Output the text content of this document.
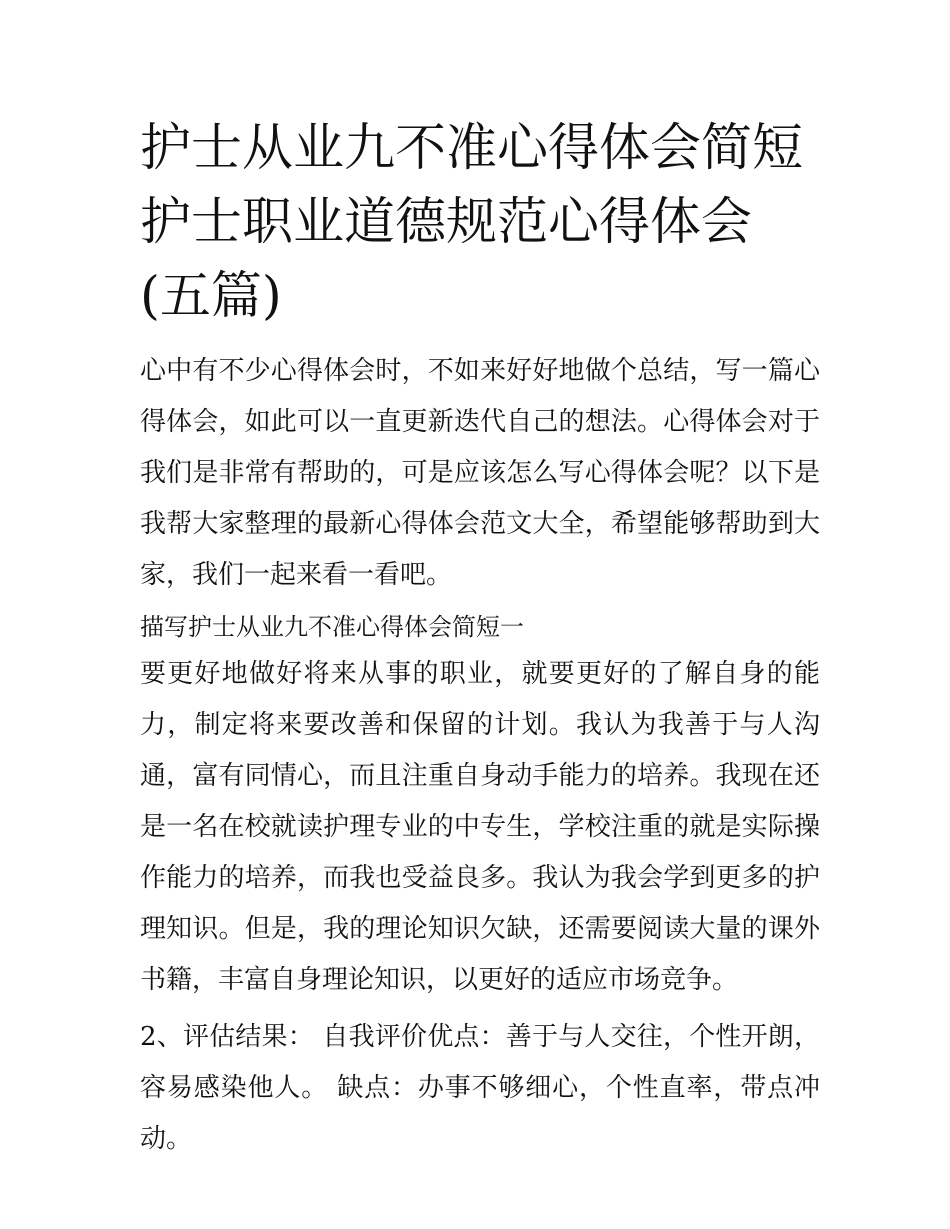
护士从业九不准心得体会简短 护士职业道德规范心得体会(五篇)

心中有不少心得体会时，不如来好好地做个总结，写一篇心得体会，如此可以一直更新迭代自己的想法。心得体会对于我们是非常有帮助的，可是应该怎么写心得体会呢？以下是我帮大家整理的最新心得体会范文大全，希望能够帮助到大家，我们一起来看一看吧。

描写护士从业九不准心得体会简短一

要更好地做好将来从事的职业，就要更好的了解自身的能力，制定将来要改善和保留的计划。我认为我善于与人沟通，富有同情心，而且注重自身动手能力的培养。我现在还是一名在校就读护理专业的中专生，学校注重的就是实际操作能力的培养，而我也受益良多。我认为我会学到更多的护理知识。但是，我的理论知识欠缺，还需要阅读大量的课外书籍，丰富自身理论知识，以更好的适应市场竞争。

2、评估结果： 自我评价优点：善于与人交往，个性开朗，容易感染他人。 缺点：办事不够细心，个性直率，带点冲动。
